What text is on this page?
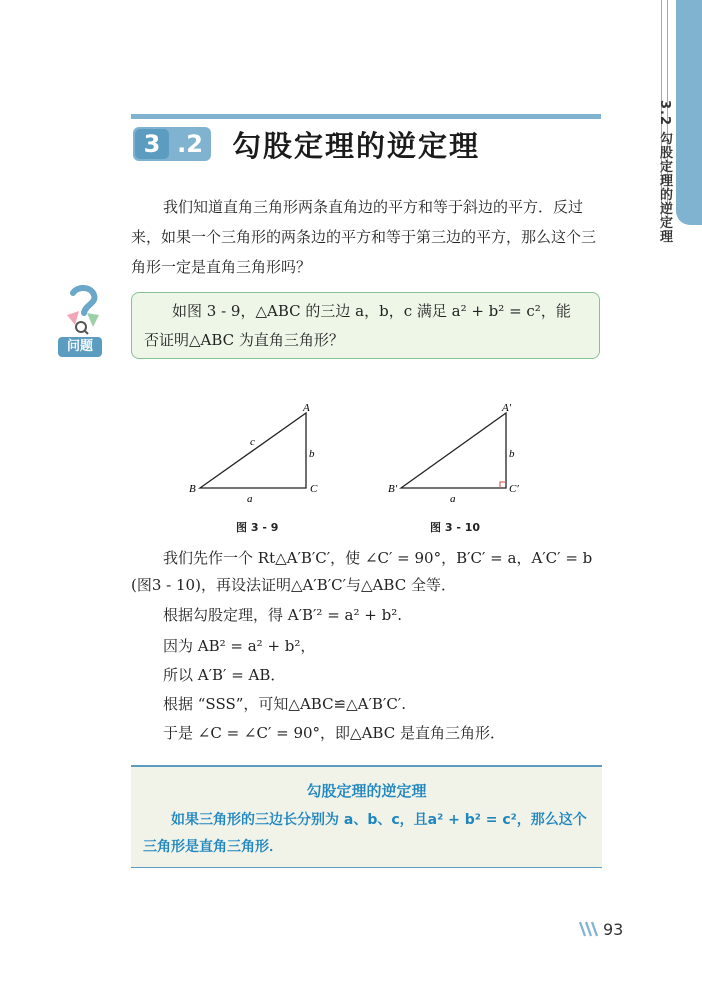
3.2 勾股定理的逆定理
3 .2 勾股定理的逆定理
我们知道直角三角形两条直角边的平方和等于斜边的平方．反过来，如果一个三角形的两条边的平方和等于第三边的平方，那么这个三角形一定是直角三角形吗？
问题
如图 3 - 9，△ABC 的三边 a，b，c 满足 a² + b² = c²，能否证明△ABC 为直角三角形？
A
B	C
c
b
a
图 3 - 9
A′
B′	C′
b
a
图 3 - 10
我们先作一个 Rt△A′B′C′，使 ∠C′ = 90°，B′C′ = a，A′C′ = b
(图3 - 10)，再设法证明△A′B′C′与△ABC 全等．
根据勾股定理，得 A′B′² = a² + b².
因为 AB² = a² + b²，
所以 A′B′ = AB．
根据 “SSS”，可知△ABC≌△A′B′C′.
于是 ∠C = ∠C′ = 90°，即△ABC 是直角三角形．
勾股定理的逆定理
如果三角形的三边长分别为 a、b、c，且a² + b² = c²，那么这个三角形是直角三角形．
93
